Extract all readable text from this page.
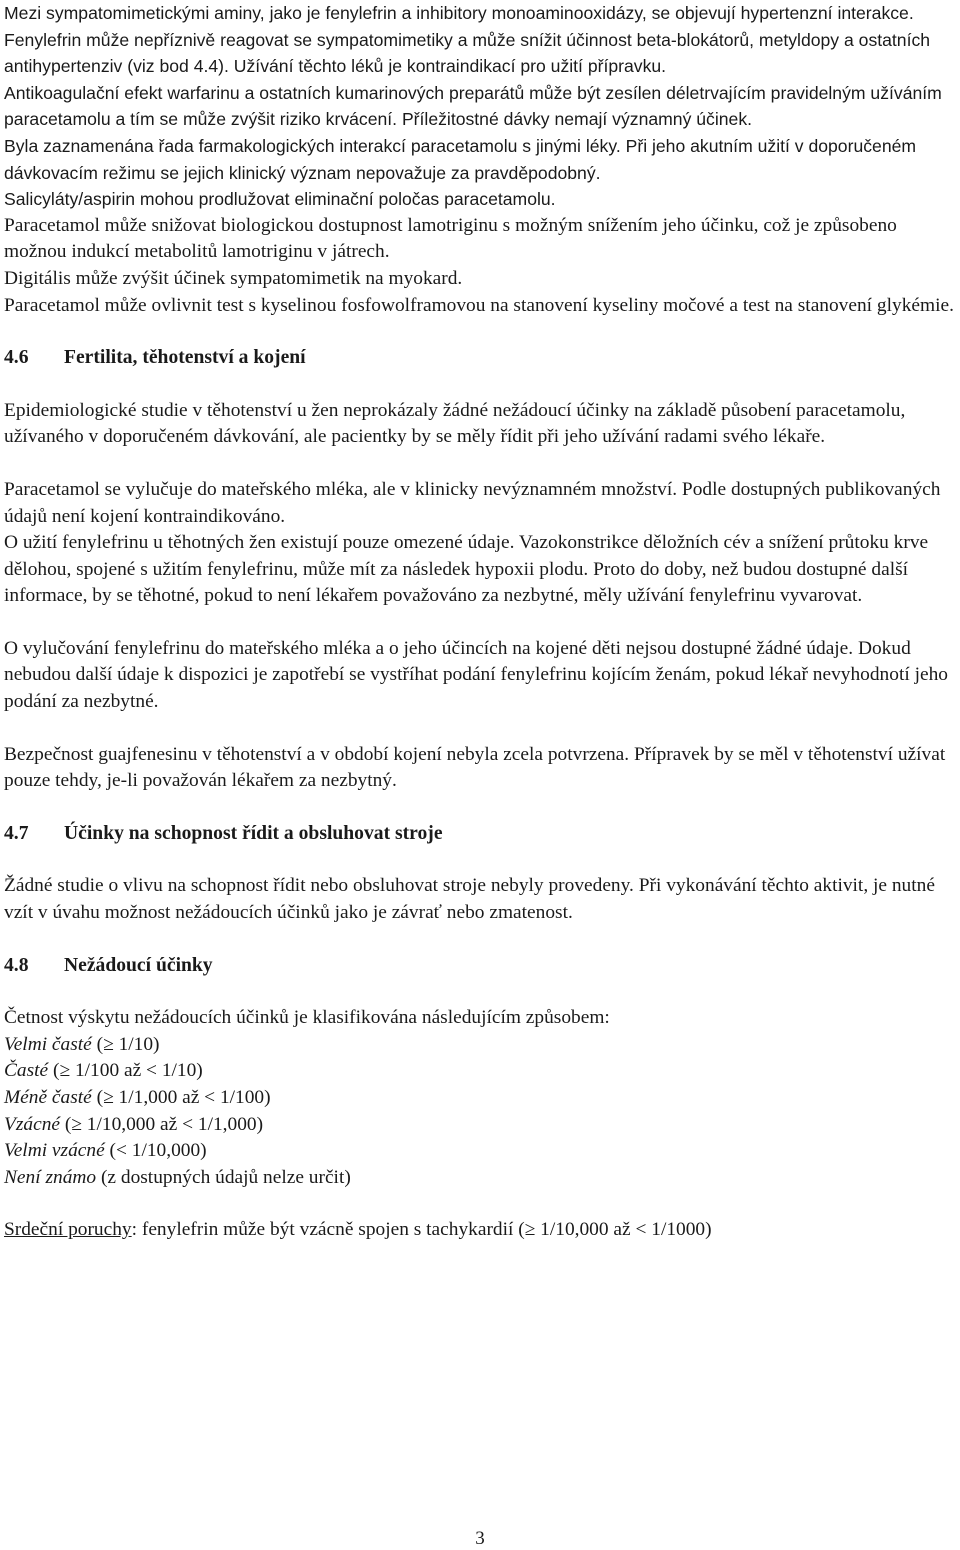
Mezi sympatomimetickými aminy, jako je fenylefrin a inhibitory monoaminooxidázy, se objevují hypertenzní interakce. Fenylefrin může nepříznivě reagovat se sympatomimetiky a může snížit účinnost beta-blokátorů, metyldopy a ostatních antihypertenziv (viz bod 4.4). Užívání těchto léků je kontraindikací pro užití přípravku.

Antikoagulační efekt warfarinu a ostatních kumarinových preparátů může být zesílen déletrvajícím pravidelným užíváním paracetamolu a tím se může zvýšit riziko krvácení. Příležitostné dávky nemají významný účinek.

Byla zaznamenána řada farmakologických interakcí paracetamolu s jinými léky. Při jeho akutním užití v doporučeném dávkovacím režimu se jejich klinický význam nepovažuje za pravděpodobný.

Salicyláty/aspirin mohou prodlužovat eliminační poločas paracetamolu.

Paracetamol může snižovat biologickou dostupnost lamotriginu s možným snížením jeho účinku, což je způsobeno možnou indukcí metabolitů lamotriginu v játrech.

Digitális může zvýšit účinek sympatomimetik na myokard.

Paracetamol může ovlivnit test s kyselinou fosfowolframovou na stanovení kyseliny močové a test na stanovení glykémie.

4.6 Fertilita, těhotenství a kojení

Epidemiologické studie v těhotenství u žen neprokázaly žádné nežádoucí účinky na základě působení paracetamolu, užívaného v doporučeném dávkování, ale pacientky by se měly řídit při jeho užívání radami svého lékaře.

Paracetamol se vylučuje do mateřského mléka, ale v klinicky nevýznamném množství. Podle dostupných publikovaných údajů není kojení kontraindikováno.

O užití fenylefrinu u těhotných žen existují pouze omezené údaje. Vazokonstrikce děložních cév a snížení průtoku krve dělohou, spojené s užitím fenylefrinu, může mít za následek hypoxii plodu. Proto do doby, než budou dostupné další informace, by se těhotné, pokud to není lékařem považováno za nezbytné, měly užívání fenylefrinu vyvarovat.

O vylučování fenylefrinu do mateřského mléka a o jeho účincích na kojené děti nejsou dostupné žádné údaje. Dokud nebudou další údaje k dispozici je zapotřebí se vystříhat podání fenylefrinu kojícím ženám, pokud lékař nevyhodnotí jeho podání za nezbytné.

Bezpečnost guajfenesinu v těhotenství a v období kojení nebyla zcela potvrzena. Přípravek by se měl v těhotenství užívat pouze tehdy, je-li považován lékařem za nezbytný.

4.7 Účinky na schopnost řídit a obsluhovat stroje

Žádné studie o vlivu na schopnost řídit nebo obsluhovat stroje nebyly provedeny. Při vykonávání těchto aktivit, je nutné vzít v úvahu možnost nežádoucích účinků jako je závrať nebo zmatenost.

4.8 Nežádoucí účinky

Četnost výskytu nežádoucích účinků je klasifikována následujícím způsobem:

Velmi časté (≥ 1/10)

Časté (≥ 1/100 až < 1/10)

Méně časté (≥ 1/1,000 až < 1/100)

Vzácné (≥ 1/10,000 až < 1/1,000)

Velmi vzácné (< 1/10,000)

Není známo (z dostupných údajů nelze určit)

Srdeční poruchy: fenylefrin může být vzácně spojen s tachykardií (≥ 1/10,000 až < 1/1000)

3
